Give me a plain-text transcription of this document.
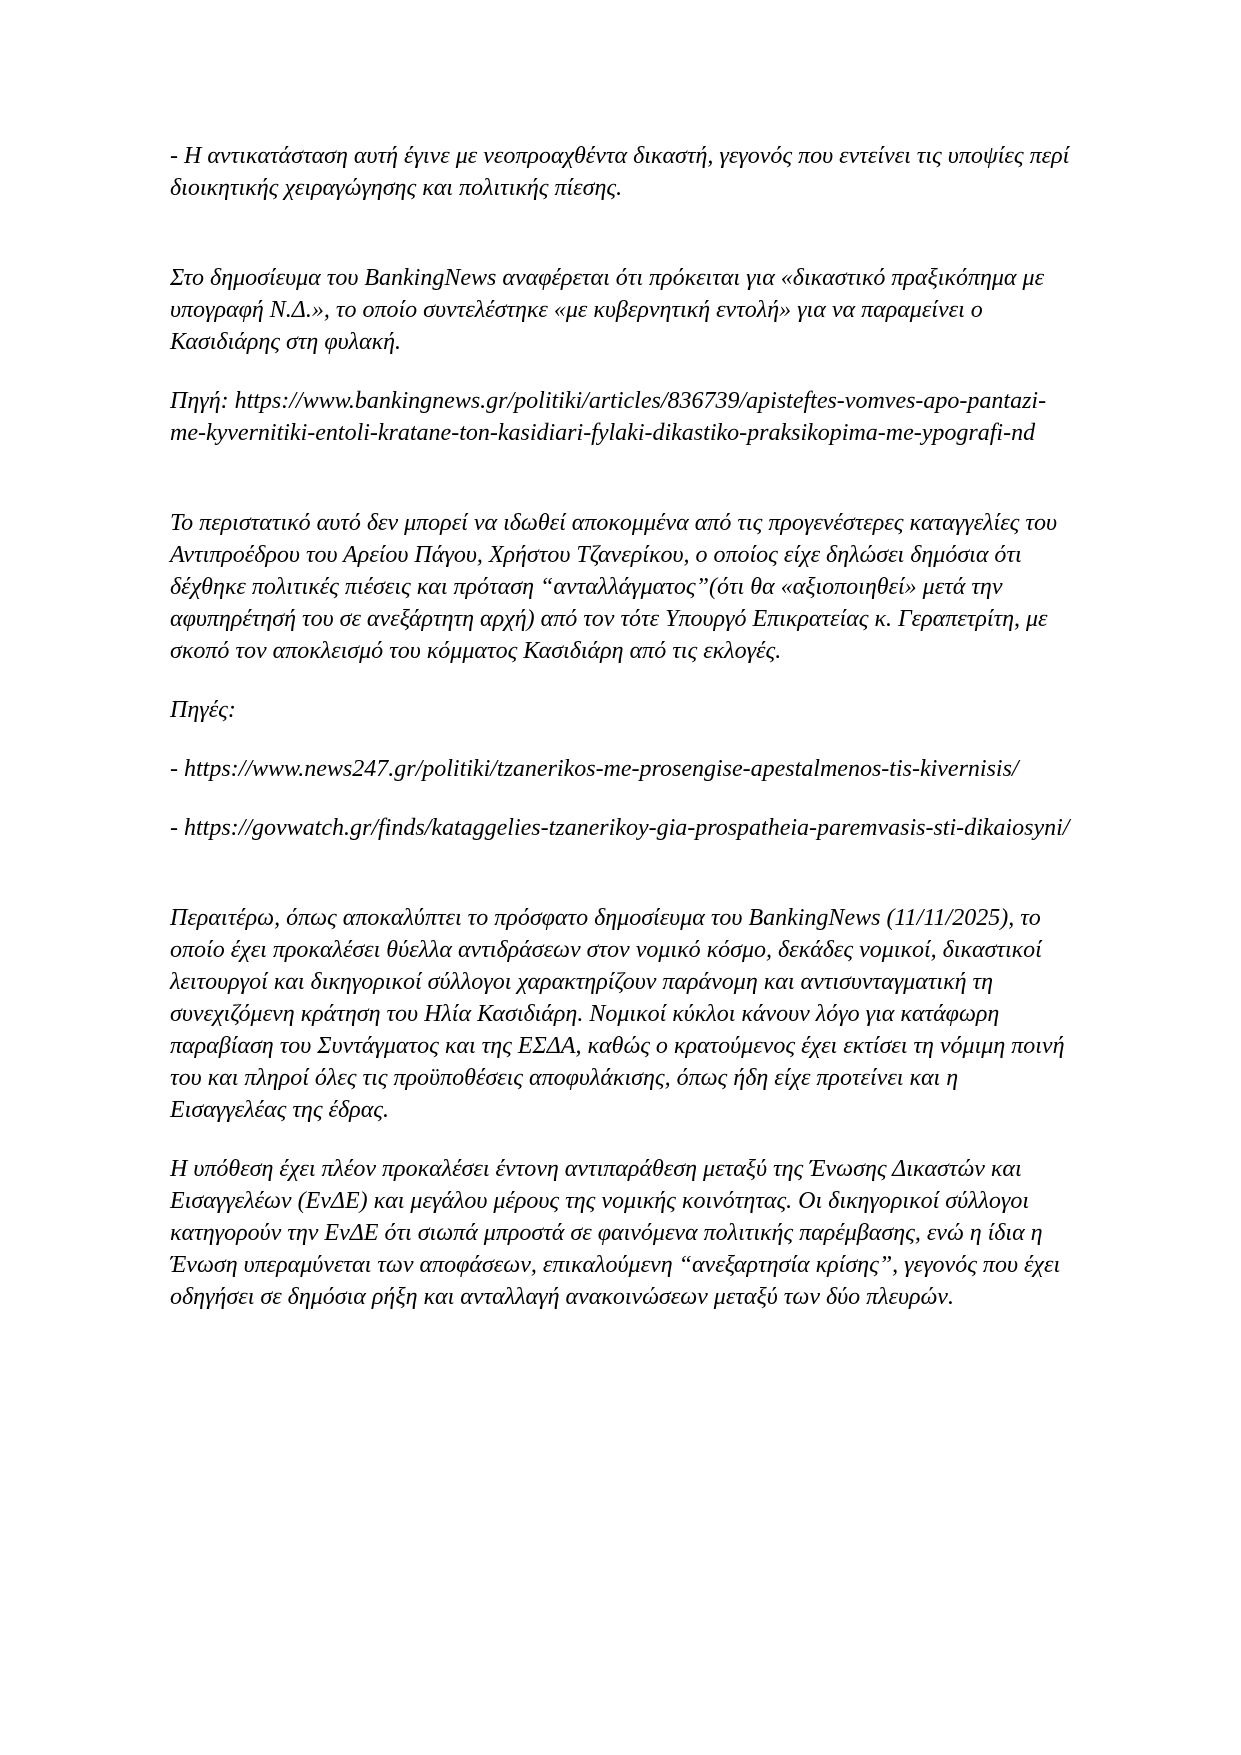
- Η αντικατάσταση αυτή έγινε με νεοπροαχθέντα δικαστή, γεγονός που εντείνει τις υποψίες περί διοικητικής χειραγώγησης και πολιτικής πίεσης.

Στο δημοσίευμα του BankingNews αναφέρεται ότι πρόκειται για «δικαστικό πραξικόπημα με υπογραφή Ν.Δ.», το οποίο συντελέστηκε «με κυβερνητική εντολή» για να παραμείνει ο Κασιδιάρης στη φυλακή.

Πηγή: https://www.bankingnews.gr/politiki/articles/836739/apisteftes-vomves-apo-pantazi-me-kyvernitiki-entoli-kratane-ton-kasidiari-fylaki-dikastiko-praksikopima-me-ypografi-nd

Το περιστατικό αυτό δεν μπορεί να ιδωθεί αποκομμένα από τις προγενέστερες καταγγελίες του Αντιπροέδρου του Αρείου Πάγου, Χρήστου Τζανερίκου, ο οποίος είχε δηλώσει δημόσια ότι δέχθηκε πολιτικές πιέσεις και πρόταση “ανταλλάγματος”(ότι θα «αξιοποιηθεί» μετά την αφυπηρέτησή του σε ανεξάρτητη αρχή) από τον τότε Υπουργό Επικρατείας κ. Γεραπετρίτη, με σκοπό τον αποκλεισμό του κόμματος Κασιδιάρη από τις εκλογές.

Πηγές:

- https://www.news247.gr/politiki/tzanerikos-me-prosengise-apestalmenos-tis-kivernisis/

- https://govwatch.gr/finds/kataggelies-tzanerikoy-gia-prospatheia-paremvasis-sti-dikaiosyni/

Περαιτέρω, όπως αποκαλύπτει το πρόσφατο δημοσίευμα του BankingNews (11/11/2025), το οποίο έχει προκαλέσει θύελλα αντιδράσεων στον νομικό κόσμο, δεκάδες νομικοί, δικαστικοί λειτουργοί και δικηγορικοί σύλλογοι χαρακτηρίζουν παράνομη και αντισυνταγματική τη συνεχιζόμενη κράτηση του Ηλία Κασιδιάρη. Νομικοί κύκλοι κάνουν λόγο για κατάφωρη παραβίαση του Συντάγματος και της ΕΣΔΑ, καθώς ο κρατούμενος έχει εκτίσει τη νόμιμη ποινή του και πληροί όλες τις προϋποθέσεις αποφυλάκισης, όπως ήδη είχε προτείνει και η Εισαγγελέας της έδρας.

Η υπόθεση έχει πλέον προκαλέσει έντονη αντιπαράθεση μεταξύ της Ένωσης Δικαστών και Εισαγγελέων (ΕνΔΕ) και μεγάλου μέρους της νομικής κοινότητας. Οι δικηγορικοί σύλλογοι κατηγορούν την ΕνΔΕ ότι σιωπά μπροστά σε φαινόμενα πολιτικής παρέμβασης, ενώ η ίδια η Ένωση υπεραμύνεται των αποφάσεων, επικαλούμενη “ανεξαρτησία κρίσης”, γεγονός που έχει οδηγήσει σε δημόσια ρήξη και ανταλλαγή ανακοινώσεων μεταξύ των δύο πλευρών.
